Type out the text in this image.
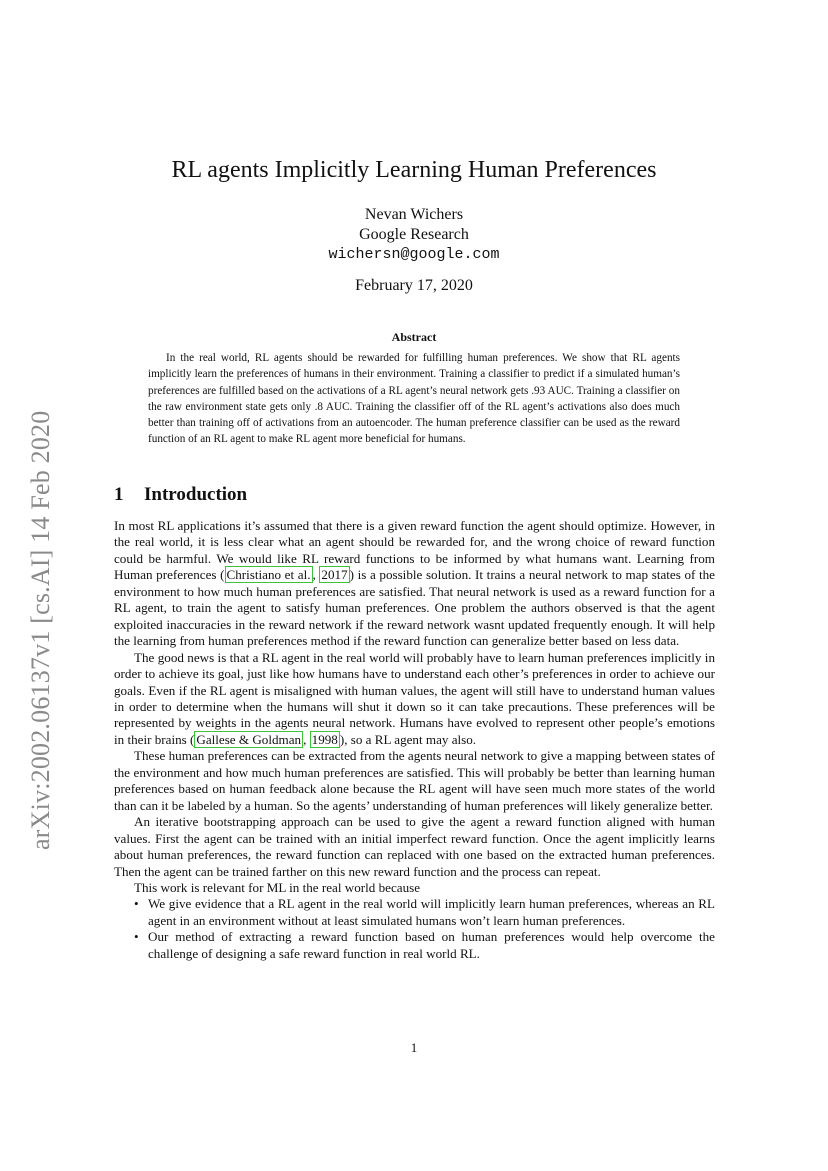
arXiv:2002.06137v1 [cs.AI] 14 Feb 2020
RL agents Implicitly Learning Human Preferences
Nevan Wichers
Google Research
wichersn@google.com
February 17, 2020
Abstract

In the real world, RL agents should be rewarded for fulfilling human preferences. We show that RL agents implicitly learn the preferences of humans in their environment. Training a classifier to predict if a simulated human’s preferences are fulfilled based on the activations of a RL agent’s neural network gets .93 AUC. Training a classifier on the raw environment state gets only .8 AUC. Training the classifier off of the RL agent’s activations also does much better than training off of activations from an autoencoder. The human preference classifier can be used as the reward function of an RL agent to make RL agent more beneficial for humans.

1 Introduction

In most RL applications it’s assumed that there is a given reward function the agent should optimize. However, in the real world, it is less clear what an agent should be rewarded for, and the wrong choice of reward function could be harmful. We would like RL reward functions to be informed by what humans want. Learning from Human preferences ( Christiano et al. , 2017 ) is a possible solution. It trains a neural network to map states of the environment to how much human preferences are satisfied. That neural network is used as a reward function for a RL agent, to train the agent to satisfy human preferences. One problem the authors observed is that the agent exploited inaccuracies in the reward network if the reward network wasnt updated frequently enough. It will help the learning from human preferences method if the reward function can generalize better based on less data.

The good news is that a RL agent in the real world will probably have to learn human preferences implicitly in order to achieve its goal, just like how humans have to understand each other’s preferences in order to achieve our goals. Even if the RL agent is misaligned with human values, the agent will still have to understand human values in order to determine when the humans will shut it down so it can take precautions. These preferences will be represented by weights in the agents neural network. Humans have evolved to represent other people’s emotions in their brains ( Gallese & Goldman , 1998 ), so a RL agent may also.

These human preferences can be extracted from the agents neural network to give a mapping between states of the environment and how much human preferences are satisfied. This will probably be better than learning human preferences based on human feedback alone because the RL agent will have seen much more states of the world than can it be labeled by a human. So the agents’ understanding of human preferences will likely generalize better.

An iterative bootstrapping approach can be used to give the agent a reward function aligned with human values. First the agent can be trained with an initial imperfect reward function. Once the agent implicitly learns about human preferences, the reward function can replaced with one based on the extracted human preferences. Then the agent can be trained farther on this new reward function and the process can repeat.

This work is relevant for ML in the real world because

• We give evidence that a RL agent in the real world will implicitly learn human preferences, whereas an RL agent in an environment without at least simulated humans won’t learn human preferences.
• Our method of extracting a reward function based on human preferences would help overcome the challenge of designing a safe reward function in real world RL.
1
